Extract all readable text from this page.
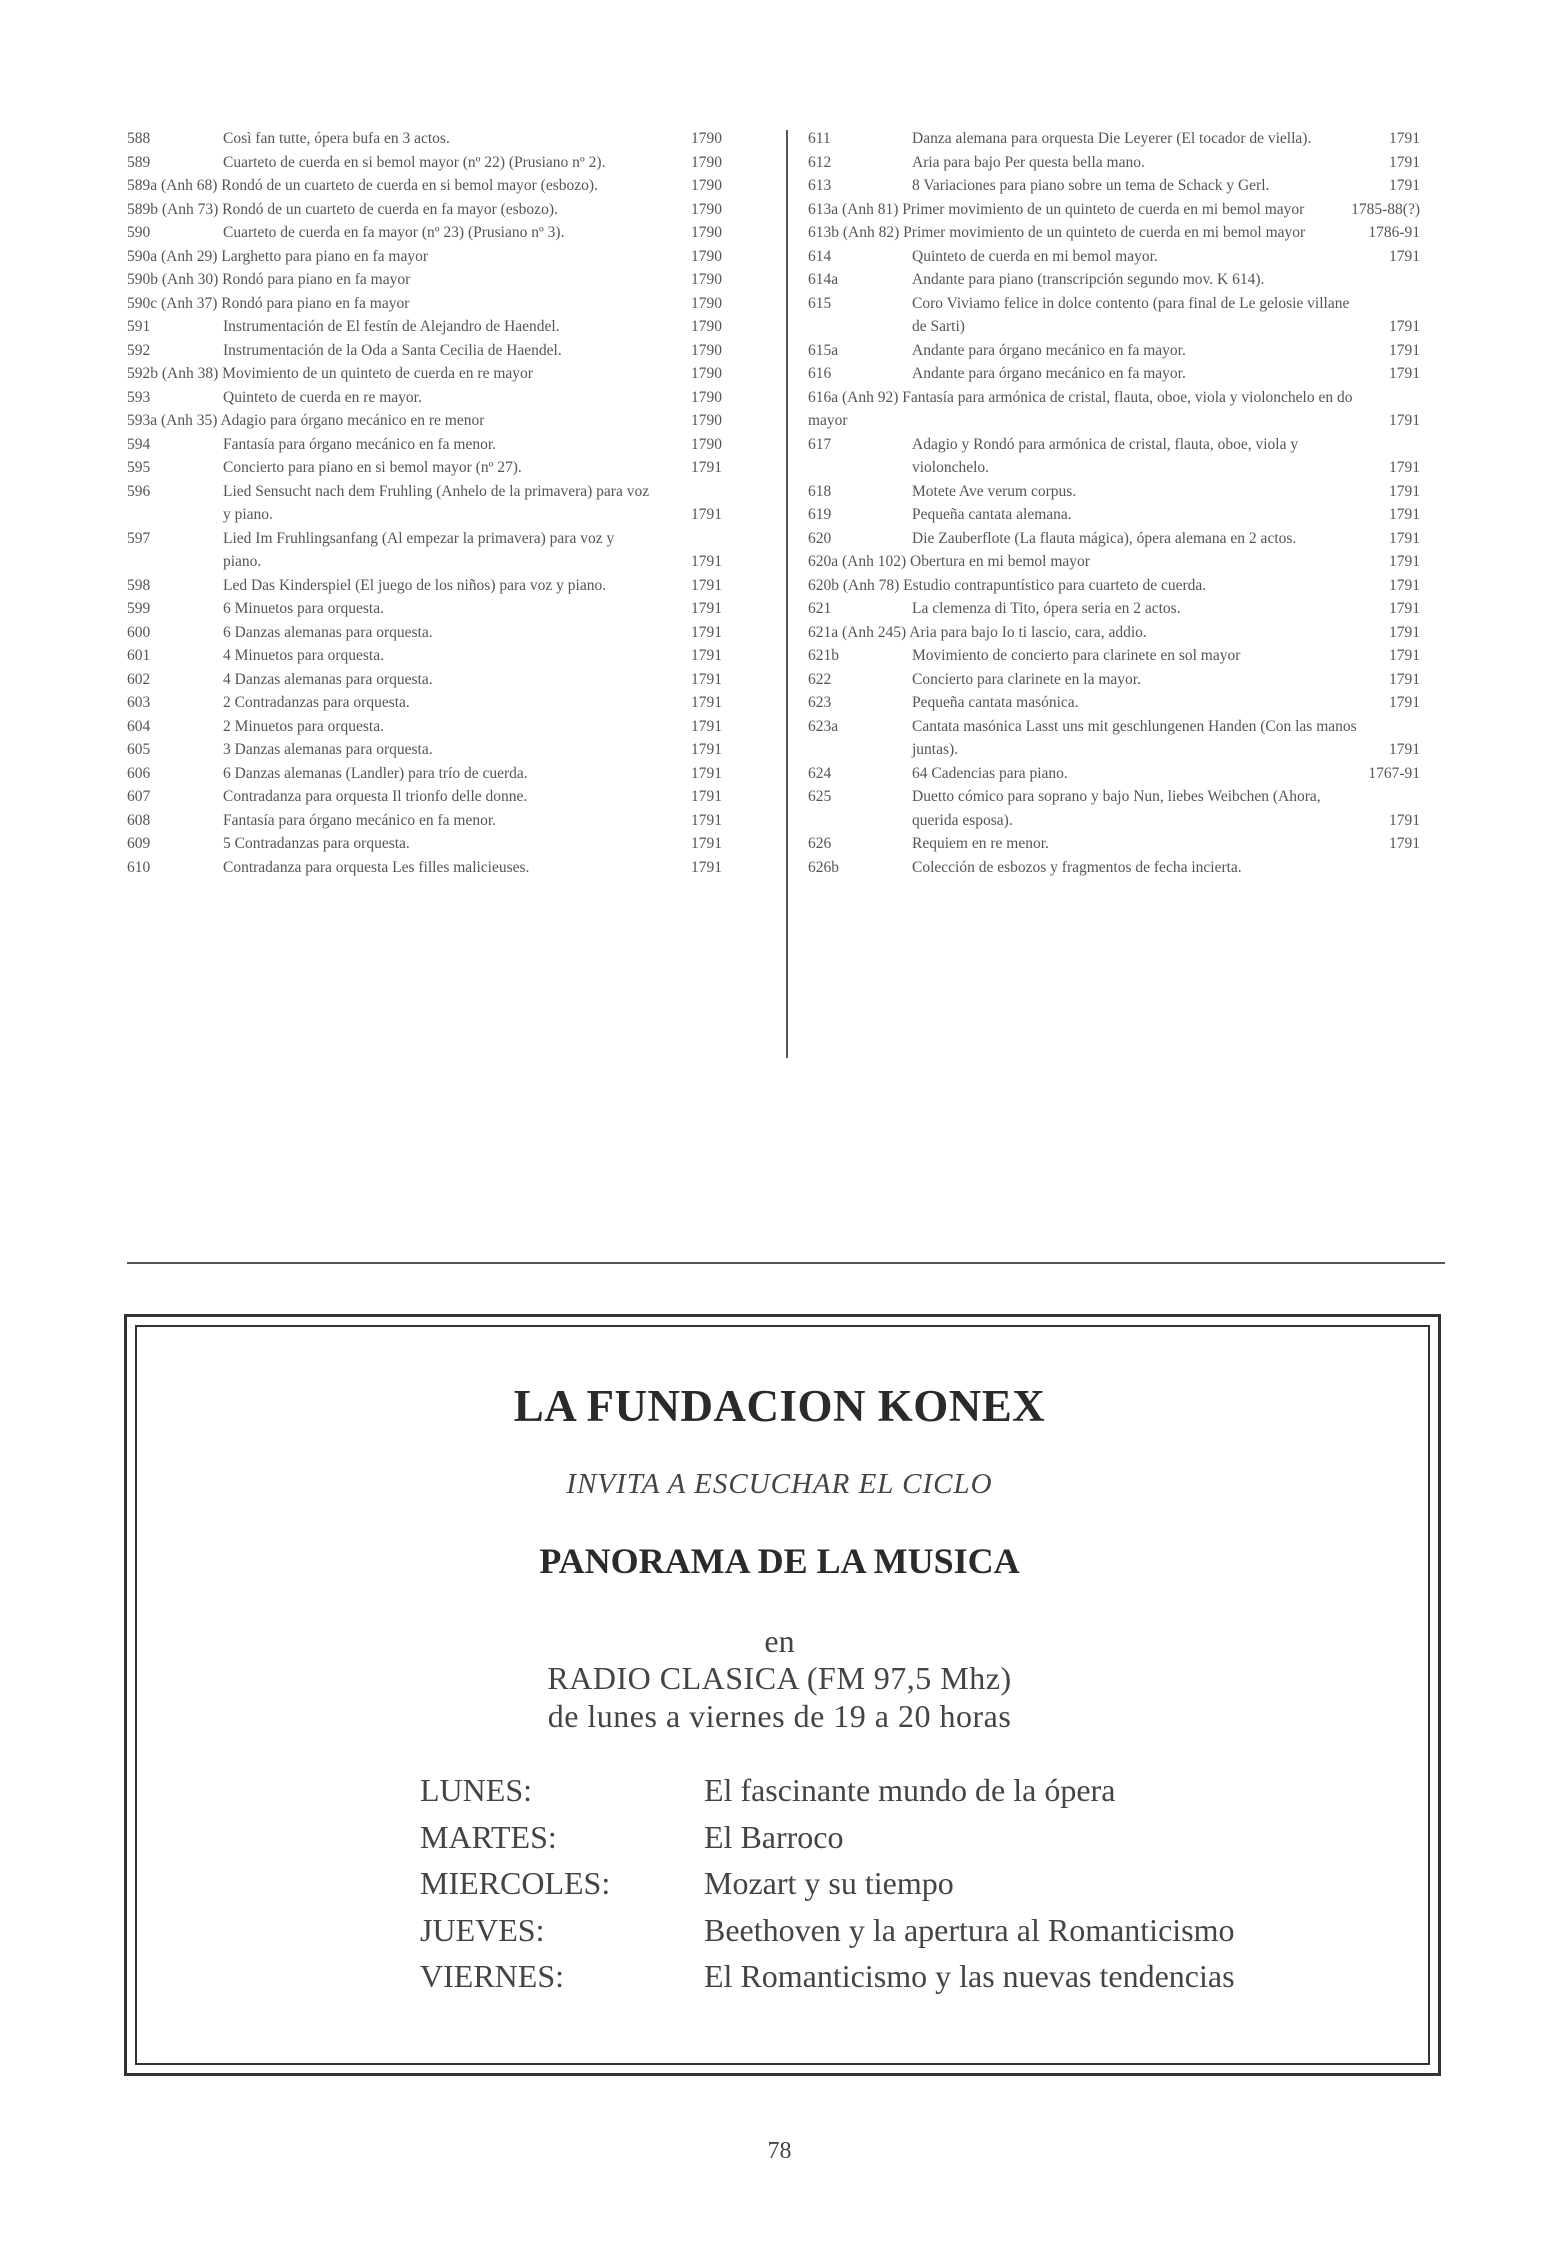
588	Così fan tutte, ópera bufa en 3 actos.	1790
589	Cuarteto de cuerda en si bemol mayor (nº 22) (Prusiano nº 2).	1790
589a (Anh 68) Rondó de un cuarteto de cuerda en si bemol mayor (esbozo).	1790
589b (Anh 73) Rondó de un cuarteto de cuerda en fa mayor (esbozo).	1790
590	Cuarteto de cuerda en fa mayor (nº 23) (Prusiano nº 3).	1790
590a (Anh 29) Larghetto para piano en fa mayor	1790
590b (Anh 30) Rondó para piano en fa mayor	1790
590c (Anh 37) Rondó para piano en fa mayor	1790
591	Instrumentación de El festín de Alejandro de Haendel.	1790
592	Instrumentación de la Oda a Santa Cecilia de Haendel.	1790
592b (Anh 38) Movimiento de un quinteto de cuerda en re mayor	1790
593	Quinteto de cuerda en re mayor.	1790
593a (Anh 35) Adagio para órgano mecánico en re menor	1790
594	Fantasía para órgano mecánico en fa menor.	1790
595	Concierto para piano en si bemol mayor (nº 27).	1791
596	Lied Sensucht nach dem Fruhling (Anhelo de la primavera) para voz y piano.	1791
597	Lied Im Fruhlingsanfang (Al empezar la primavera) para voz y piano.	1791
598	Led Das Kinderspiel (El juego de los niños) para voz y piano.	1791
599	6 Minuetos para orquesta.	1791
600	6 Danzas alemanas para orquesta.	1791
601	4 Minuetos para orquesta.	1791
602	4 Danzas alemanas para orquesta.	1791
603	2 Contradanzas para orquesta.	1791
604	2 Minuetos para orquesta.	1791
605	3 Danzas alemanas para orquesta.	1791
606	6 Danzas alemanas (Landler) para trío de cuerda.	1791
607	Contradanza para orquesta Il trionfo delle donne.	1791
608	Fantasía para órgano mecánico en fa menor.	1791
609	5 Contradanzas para orquesta.	1791
610	Contradanza para orquesta Les filles malicieuses.	1791
611	Danza alemana para orquesta Die Leyerer (El tocador de viella).	1791
612	Aria para bajo Per questa bella mano.	1791
613	8 Variaciones para piano sobre un tema de Schack y Gerl.	1791
613a (Anh 81) Primer movimiento de un quinteto de cuerda en mi bemol mayor	1785-88(?)
613b (Anh 82) Primer movimiento de un quinteto de cuerda en mi bemol mayor	1786-91
614	Quinteto de cuerda en mi bemol mayor.	1791
614a	Andante para piano (transcripción segundo mov. K 614).
615	Coro Viviamo felice in dolce contento (para final de Le gelosie villane de Sarti)	1791
615a	Andante para órgano mecánico en fa mayor.	1791
616	Andante para órgano mecánico en fa mayor.	1791
616a (Anh 92) Fantasía para armónica de cristal, flauta, oboe, viola y violonchelo en do mayor	1791
617	Adagio y Rondó para armónica de cristal, flauta, oboe, viola y violonchelo.	1791
618	Motete Ave verum corpus.	1791
619	Pequeña cantata alemana.	1791
620	Die Zauberflote (La flauta mágica), ópera alemana en 2 actos.	1791
620a (Anh 102) Obertura en mi bemol mayor	1791
620b (Anh 78) Estudio contrapuntístico para cuarteto de cuerda.	1791
621	La clemenza di Tito, ópera seria en 2 actos.	1791
621a (Anh 245) Aria para bajo Io ti lascio, cara, addio.	1791
621b	Movimiento de concierto para clarinete en sol mayor	1791
622	Concierto para clarinete en la mayor.	1791
623	Pequeña cantata masónica.	1791
623a	Cantata masónica Lasst uns mit geschlungenen Handen (Con las manos juntas).	1791
624	64 Cadencias para piano.	1767-91
625	Duetto cómico para soprano y bajo Nun, liebes Weibchen (Ahora, querida esposa).	1791
626	Requiem en re menor.	1791
626b	Colección de esbozos y fragmentos de fecha incierta.
LA FUNDACION KONEX
INVITA A ESCUCHAR EL CICLO
PANORAMA DE LA MUSICA
en
RADIO CLASICA (FM 97,5 Mhz)
de lunes a viernes de 19 a 20 horas
LUNES:	El fascinante mundo de la ópera
MARTES:	El Barroco
MIERCOLES:	Mozart y su tiempo
JUEVES:	Beethoven y la apertura al Romanticismo
VIERNES:	El Romanticismo y las nuevas tendencias
78
